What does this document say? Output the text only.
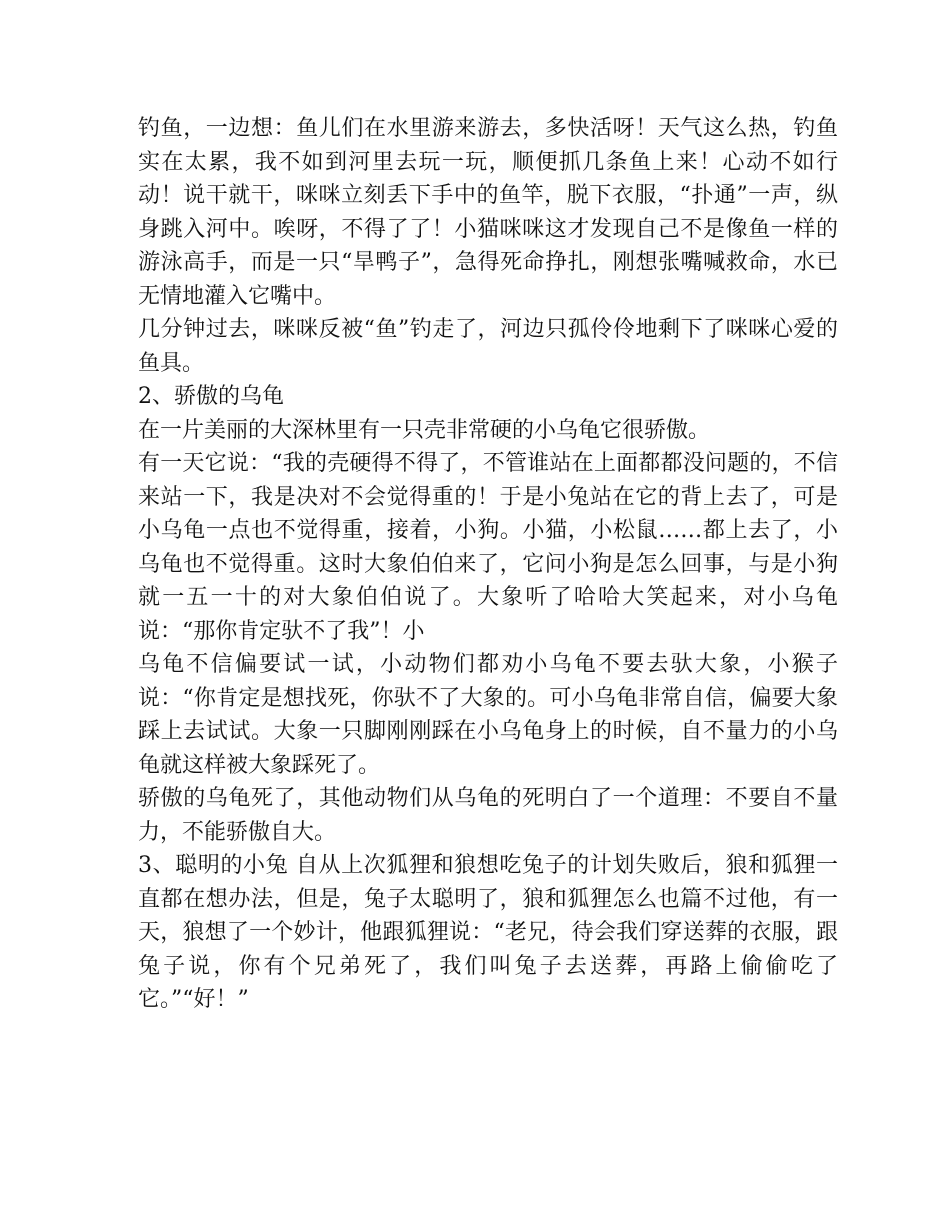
钓鱼，一边想：鱼儿们在水里游来游去，多快活呀！天气这么热，钓鱼实在太累，我不如到河里去玩一玩，顺便抓几条鱼上来！心动不如行动！说干就干，咪咪立刻丢下手中的鱼竿，脱下衣服，“扑通”一声，纵身跳入河中。唉呀，不得了了！小猫咪咪这才发现自己不是像鱼一样的游泳高手，而是一只“旱鸭子”，急得死命挣扎，刚想张嘴喊救命，水已无情地灌入它嘴中。

几分钟过去，咪咪反被“鱼”钓走了，河边只孤伶伶地剩下了咪咪心爱的鱼具。

2、骄傲的乌龟

在一片美丽的大深林里有一只壳非常硬的小乌龟它很骄傲。

有一天它说：“我的壳硬得不得了，不管谁站在上面都都没问题的，不信来站一下，我是决对不会觉得重的！于是小兔站在它的背上去了，可是小乌龟一点也不觉得重，接着，小狗。小猫，小松鼠……都上去了，小乌龟也不觉得重。这时大象伯伯来了，它问小狗是怎么回事，与是小狗就一五一十的对大象伯伯说了。大象听了哈哈大笑起来，对小乌龟说：“那你肯定驮不了我”！小

乌龟不信偏要试一试，小动物们都劝小乌龟不要去驮大象，小猴子说：“你肯定是想找死，你驮不了大象的。可小乌龟非常自信，偏要大象踩上去试试。大象一只脚刚刚踩在小乌龟身上的时候，自不量力的小乌龟就这样被大象踩死了。

骄傲的乌龟死了，其他动物们从乌龟的死明白了一个道理：不要自不量力，不能骄傲自大。

3、聪明的小兔 自从上次狐狸和狼想吃兔子的计划失败后，狼和狐狸一直都在想办法，但是，兔子太聪明了，狼和狐狸怎么也篇不过他，有一天，狼想了一个妙计，他跟狐狸说：“老兄，待会我们穿送葬的衣服，跟兔子说，你有个兄弟死了，我们叫兔子去送葬，再路上偷偷吃了它。”“好！”
